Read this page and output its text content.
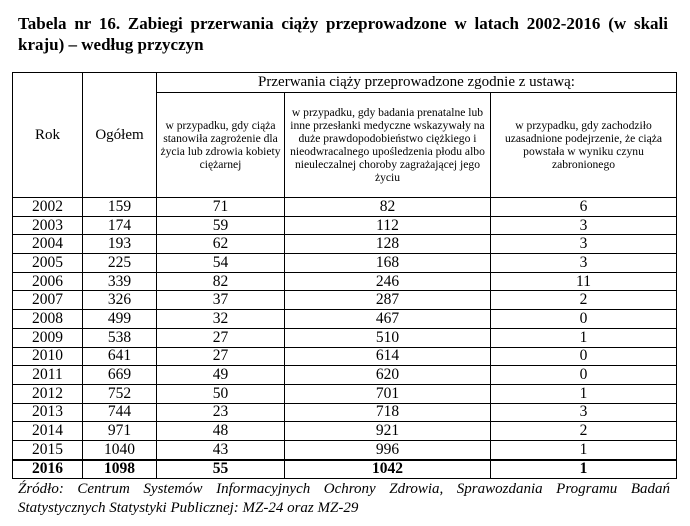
Tabela nr 16. Zabiegi przerwania ciąży przeprowadzone w latach 2002-2016 (w skali kraju) – według przyczyn

Rok	Ogółem	Przerwania ciąży przeprowadzone zgodnie z ustawą:		
		w przypadku, gdy ciąża stanowiła zagrożenie dla życia lub zdrowia kobiety ciężarnej	w przypadku, gdy badania prenatalne lub inne przesłanki medyczne wskazywały na duże prawdopodobieństwo ciężkiego i nieodwracalnego upośledzenia płodu albo nieuleczalnej choroby zagrażającej jego życiu	w przypadku, gdy zachodziło uzasadnione podejrzenie, że ciąża powstała w wyniku czynu zabronionego
2002	159	71	82	6
2003	174	59	112	3
2004	193	62	128	3
2005	225	54	168	3
2006	339	82	246	11
2007	326	37	287	2
2008	499	32	467	0
2009	538	27	510	1
2010	641	27	614	0
2011	669	49	620	0
2012	752	50	701	1
2013	744	23	718	3
2014	971	48	921	2
2015	1040	43	996	1
2016	1098	55	1042	1

Źródło: Centrum Systemów Informacyjnych Ochrony Zdrowia, Sprawozdania Programu Badań
Statystycznych Statystyki Publicznej: MZ-24 oraz MZ-29
